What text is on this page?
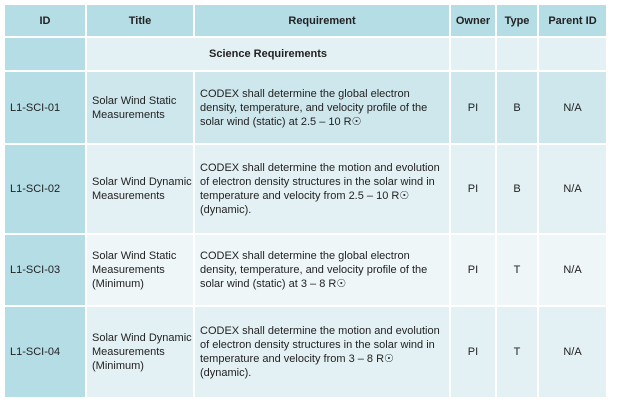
ID	Title	Requirement	Owner	Type	Parent ID
	Science Requirements				
L1-SCI-01	Solar Wind Static Measurements	CODEX shall determine the global electron density, temperature, and velocity profile of the solar wind (static) at 2.5 – 10 R☉	PI	B	N/A
L1-SCI-02	Solar Wind Dynamic Measurements	CODEX shall determine the motion and evolution of electron density structures in the solar wind in temperature and velocity from 2.5 – 10 R☉ (dynamic).	PI	B	N/A
L1-SCI-03	Solar Wind Static Measurements (Minimum)	CODEX shall determine the global electron density, temperature, and velocity profile of the solar wind (static) at 3 – 8 R☉	PI	T	N/A
L1-SCI-04	Solar Wind Dynamic Measurements (Minimum)	CODEX shall determine the motion and evolution of electron density structures in the solar wind in temperature and velocity from 3 – 8 R☉ (dynamic).	PI	T	N/A
